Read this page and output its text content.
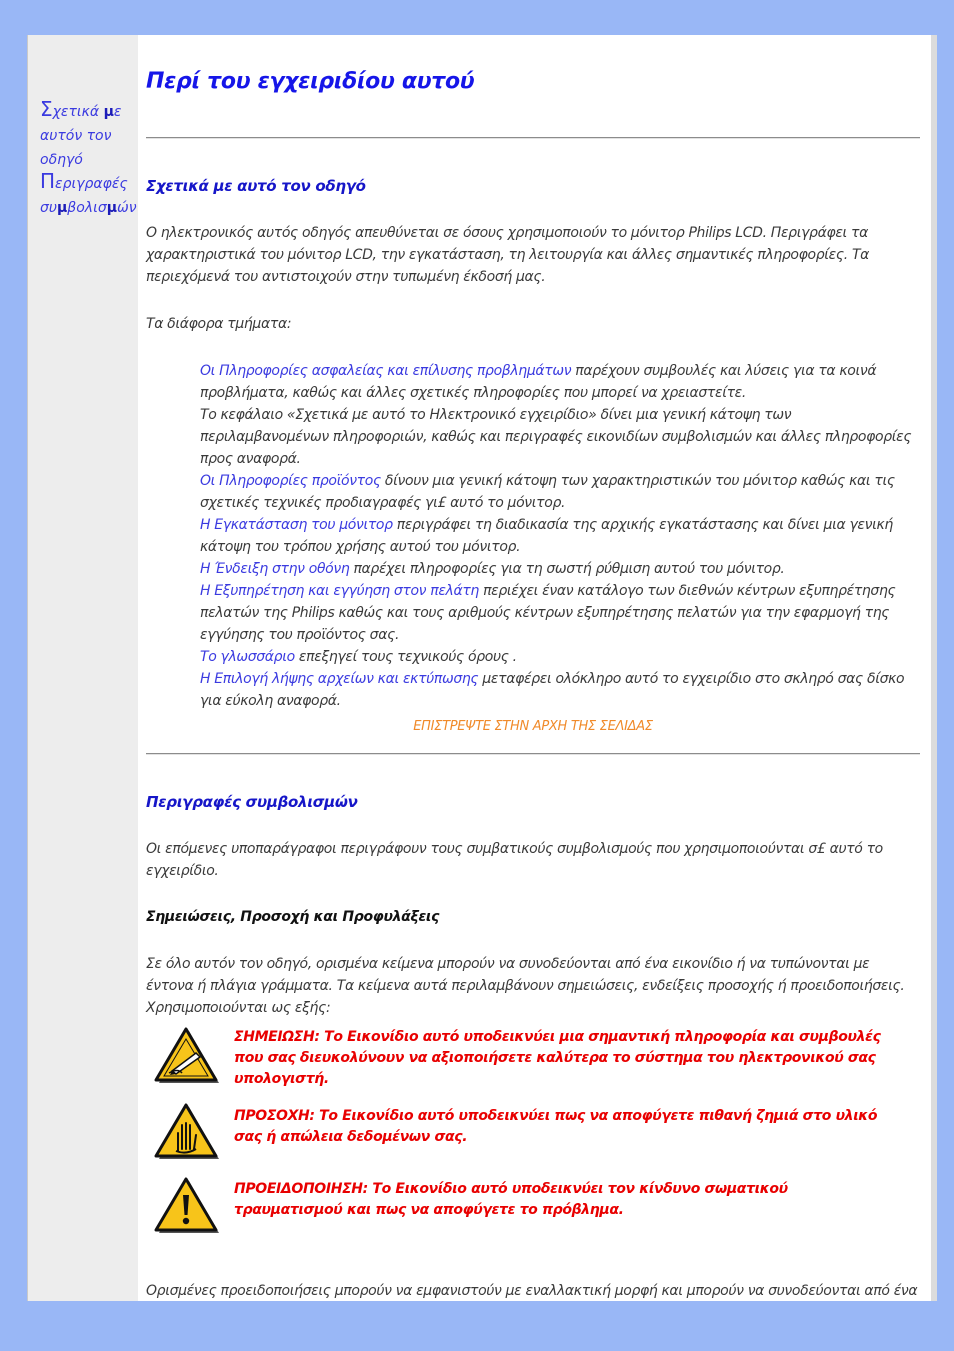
Σχετικά με αυτόν τον οδηγό
Περιγραφές συμβολισμών
Περί του εγχειριδίου αυτού
Σχετικά με αυτό τον οδηγό
Ο ηλεκτρονικός αυτός οδηγός απευθύνεται σε όσους χρησιμοποιούν το μόνιτορ Philips LCD. Περιγράφει τα χαρακτηριστικά του μόνιτορ LCD, την εγκατάσταση, τη λειτουργία και άλλες σημαντικές πληροφορίες. Τα περιεχόμενά του αντιστοιχούν στην τυπωμένη έκδοσή μας.
Τα διάφορα τμήματα:
Οι Πληροφορίες ασφαλείας και επίλυσης προβλημάτων παρέχουν συμβουλές και λύσεις για τα κοινά προβλήματα, καθώς και άλλες σχετικές πληροφορίες που μπορεί να χρειαστείτε.
Το κεφάλαιο «Σχετικά με αυτό το Ηλεκτρονικό εγχειρίδιο» δίνει μια γενική κάτοψη των περιλαμβανομένων πληροφοριών, καθώς και περιγραφές εικονιδίων συμβολισμών και άλλες πληροφορίες προς αναφορά.
Οι Πληροφορίες προϊόντος δίνουν μια γενική κάτοψη των χαρακτηριστικών του μόνιτορ καθώς και τις σχετικές τεχνικές προδιαγραφές γι£ αυτό το μόνιτορ.
Η Εγκατάσταση του μόνιτορ περιγράφει τη διαδικασία της αρχικής εγκατάστασης και δίνει μια γενική κάτοψη του τρόπου χρήσης αυτού του μόνιτορ.
Η Ένδειξη στην οθόνη παρέχει πληροφορίες για τη σωστή ρύθμιση αυτού του μόνιτορ.
Η Εξυπηρέτηση και εγγύηση στον πελάτη περιέχει έναν κατάλογο των διεθνών κέντρων εξυπηρέτησης πελατών της Philips καθώς και τους αριθμούς κέντρων εξυπηρέτησης πελατών για την εφαρμογή της εγγύησης του προϊόντος σας.
Το γλωσσάριο επεξηγεί τους τεχνικούς όρους .
Η Επιλογή λήψης αρχείων και εκτύπωσης μεταφέρει ολόκληρο αυτό το εγχειρίδιο στο σκληρό σας δίσκο για εύκολη αναφορά.
ΕΠΙΣΤΡΕΨΤΕ ΣΤΗΝ ΑΡΧΗ ΤΗΣ ΣΕΛΙΔΑΣ
Περιγραφές συμβολισμών
Οι επόμενες υποπαράγραφοι περιγράφουν τους συμβατικούς συμβολισμούς που χρησιμοποιούνται σ£ αυτό το εγχειρίδιο.
Σημειώσεις, Προσοχή και Προφυλάξεις
Σε όλο αυτόν τον οδηγό, ορισμένα κείμενα μπορούν να συνοδεύονται από ένα εικονίδιο ή να τυπώνονται με έντονα ή πλάγια γράμματα. Τα κείμενα αυτά περιλαμβάνουν σημειώσεις, ενδείξεις προσοχής ή προειδοποιήσεις. Χρησιμοποιούνται ως εξής:
ΣΗΜΕΙΩΣΗ: Το Εικονίδιο αυτό υποδεικνύει μια σημαντική πληροφορία και συμβουλές που σας διευκολύνουν να αξιοποιήσετε καλύτερα το σύστημα του ηλεκτρονικού σας υπολογιστή.
ΠΡΟΣΟΧΗ: Το Εικονίδιο αυτό υποδεικνύει πως να αποφύγετε πιθανή ζημιά στο υλικό σας ή απώλεια δεδομένων σας.
ΠΡΟΕΙΔΟΠΟΙΗΣΗ: Το Εικονίδιο αυτό υποδεικνύει τον κίνδυνο σωματικού τραυματισμού και πως να αποφύγετε το πρόβλημα.
Ορισμένες προειδοποιήσεις μπορούν να εμφανιστούν με εναλλακτική μορφή και μπορούν να συνοδεύονται από ένα
